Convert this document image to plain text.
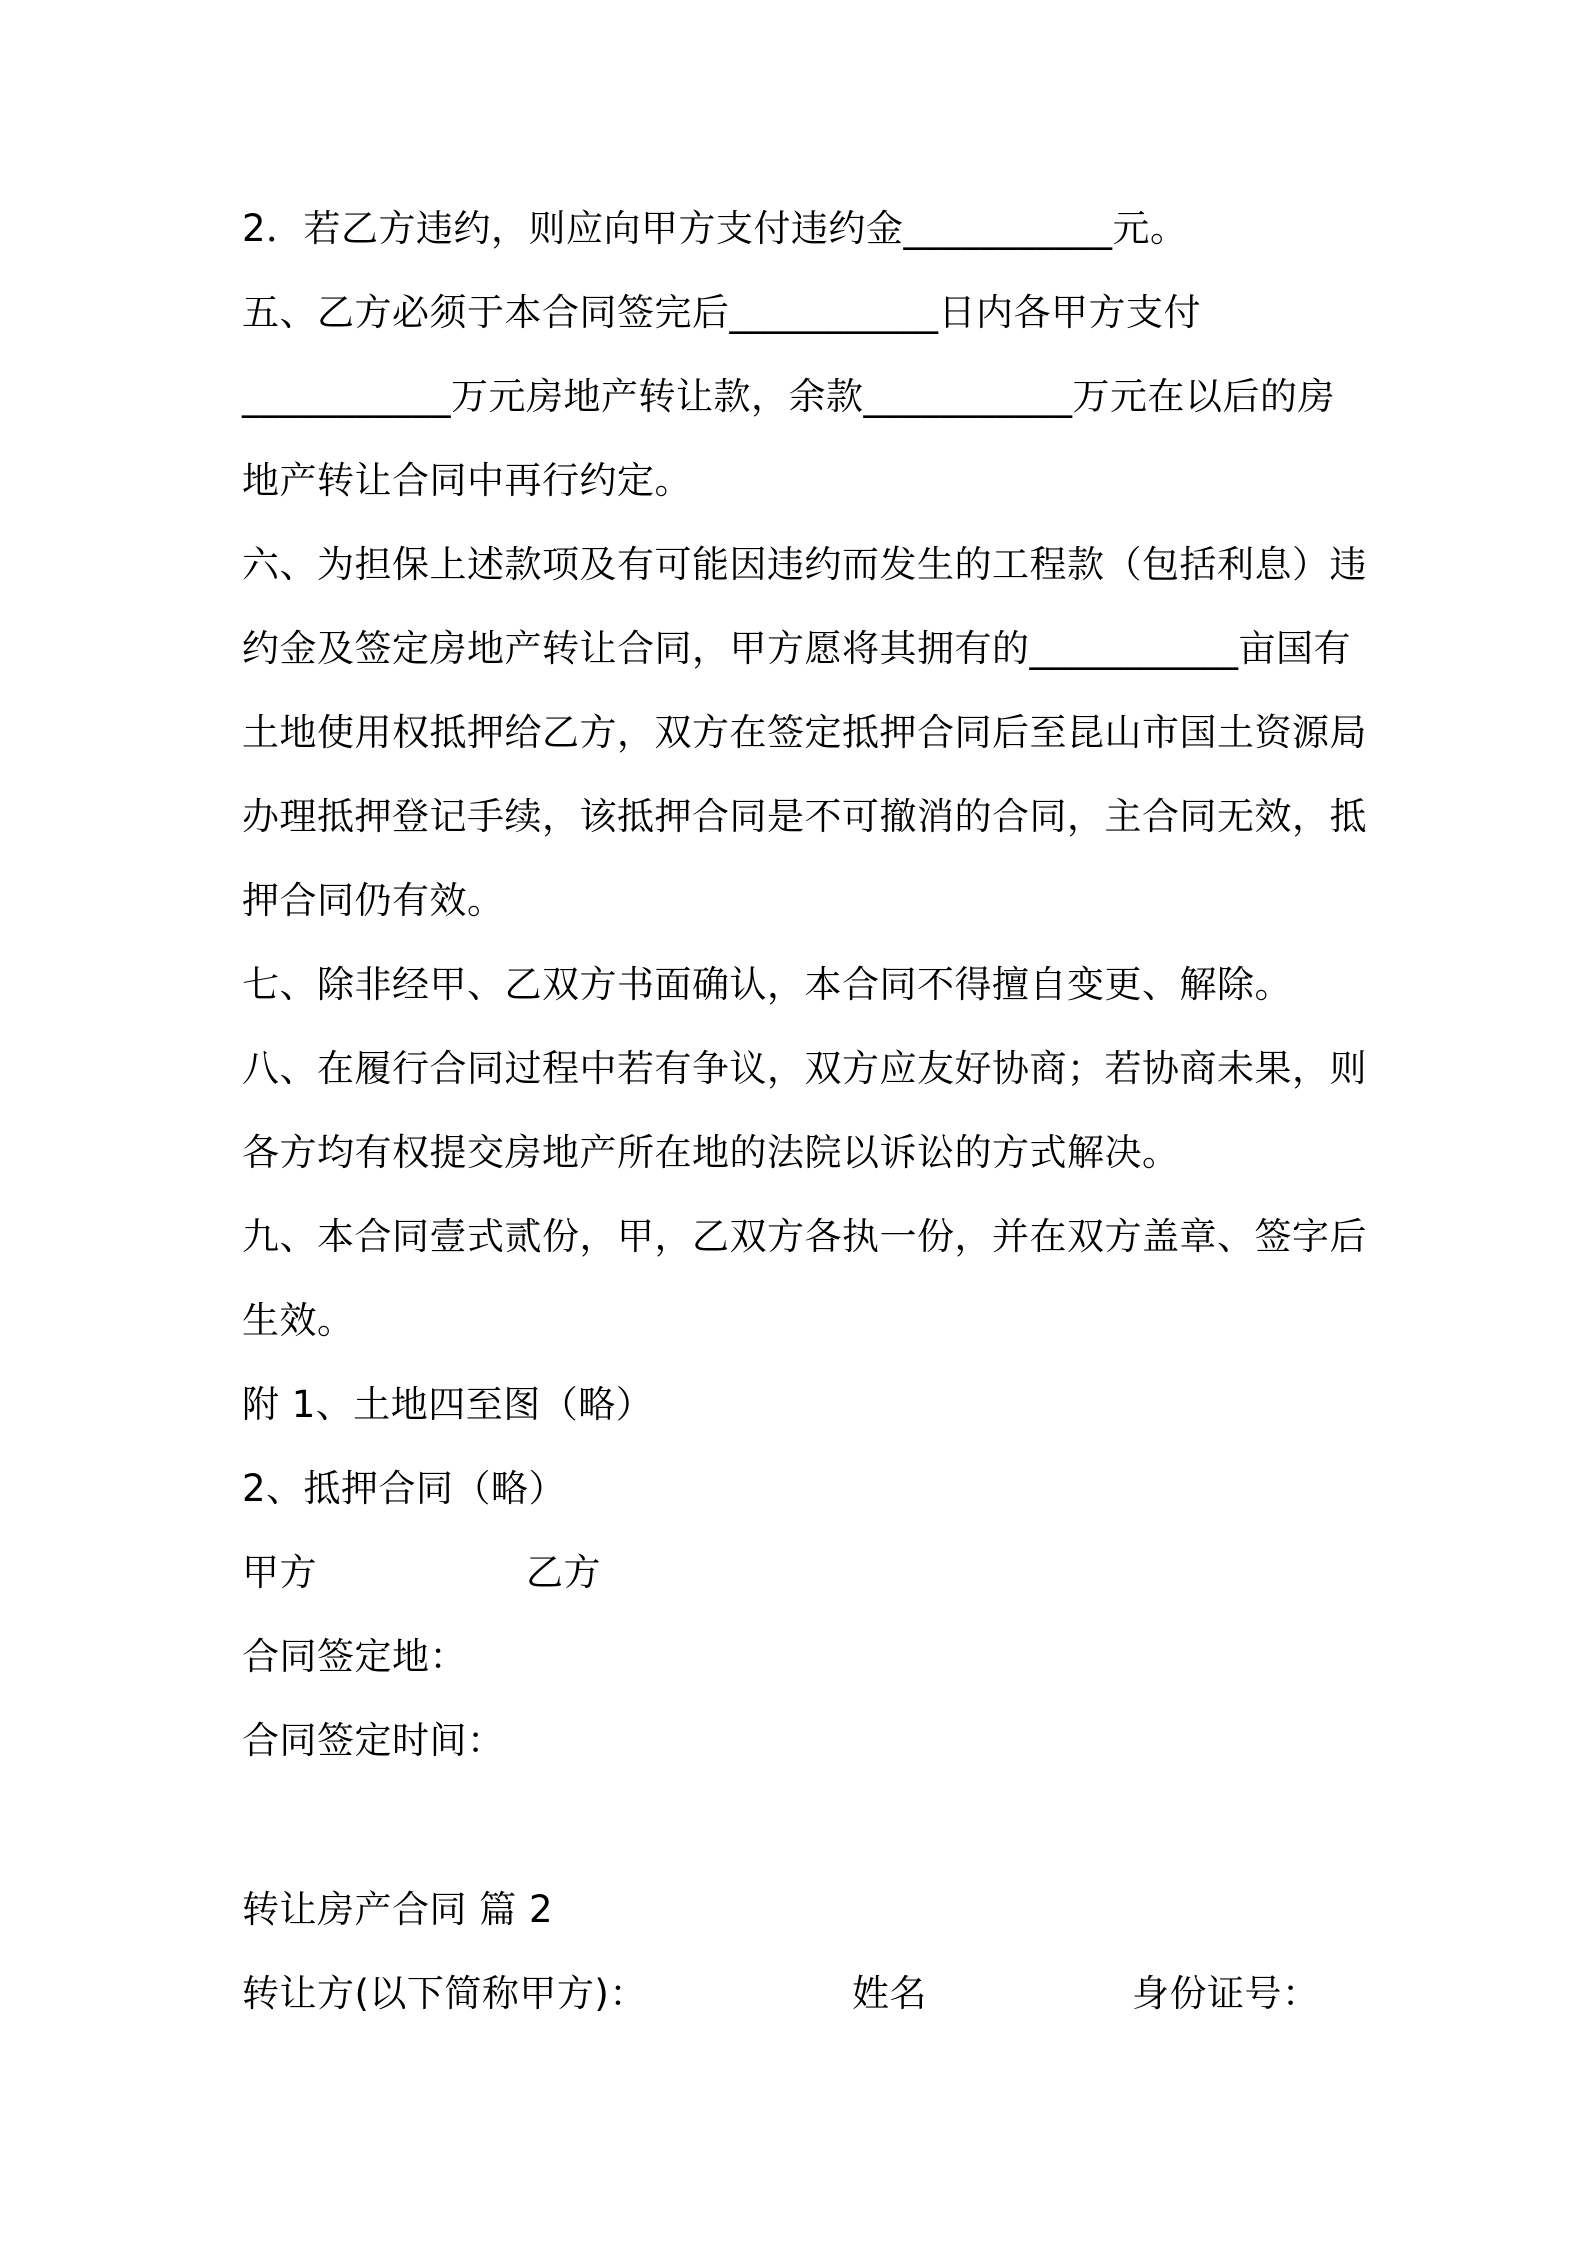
2．若乙方违约，则应向甲方支付违约金___________元。
五、乙方必须于本合同签完后___________日内各甲方支付
___________万元房地产转让款，余款___________万元在以后的房
地产转让合同中再行约定。
六、为担保上述款项及有可能因违约而发生的工程款（包括利息）违
约金及签定房地产转让合同，甲方愿将其拥有的___________亩国有
土地使用权抵押给乙方，双方在签定抵押合同后至昆山市国土资源局
办理抵押登记手续，该抵押合同是不可撤消的合同，主合同无效，抵
押合同仍有效。
七、除非经甲、乙双方书面确认，本合同不得擅自变更、解除。
八、在履行合同过程中若有争议，双方应友好协商；若协商未果，则
各方均有权提交房地产所在地的法院以诉讼的方式解决。
九、本合同壹式贰份，甲，乙双方各执一份，并在双方盖章、签字后
生效。
附 1、土地四至图（略）
2、抵押合同（略）
甲方	乙方
合同签定地：
合同签定时间：
转让房产合同 篇 2
转让方(以下简称甲方)：	姓名	身份证号：
